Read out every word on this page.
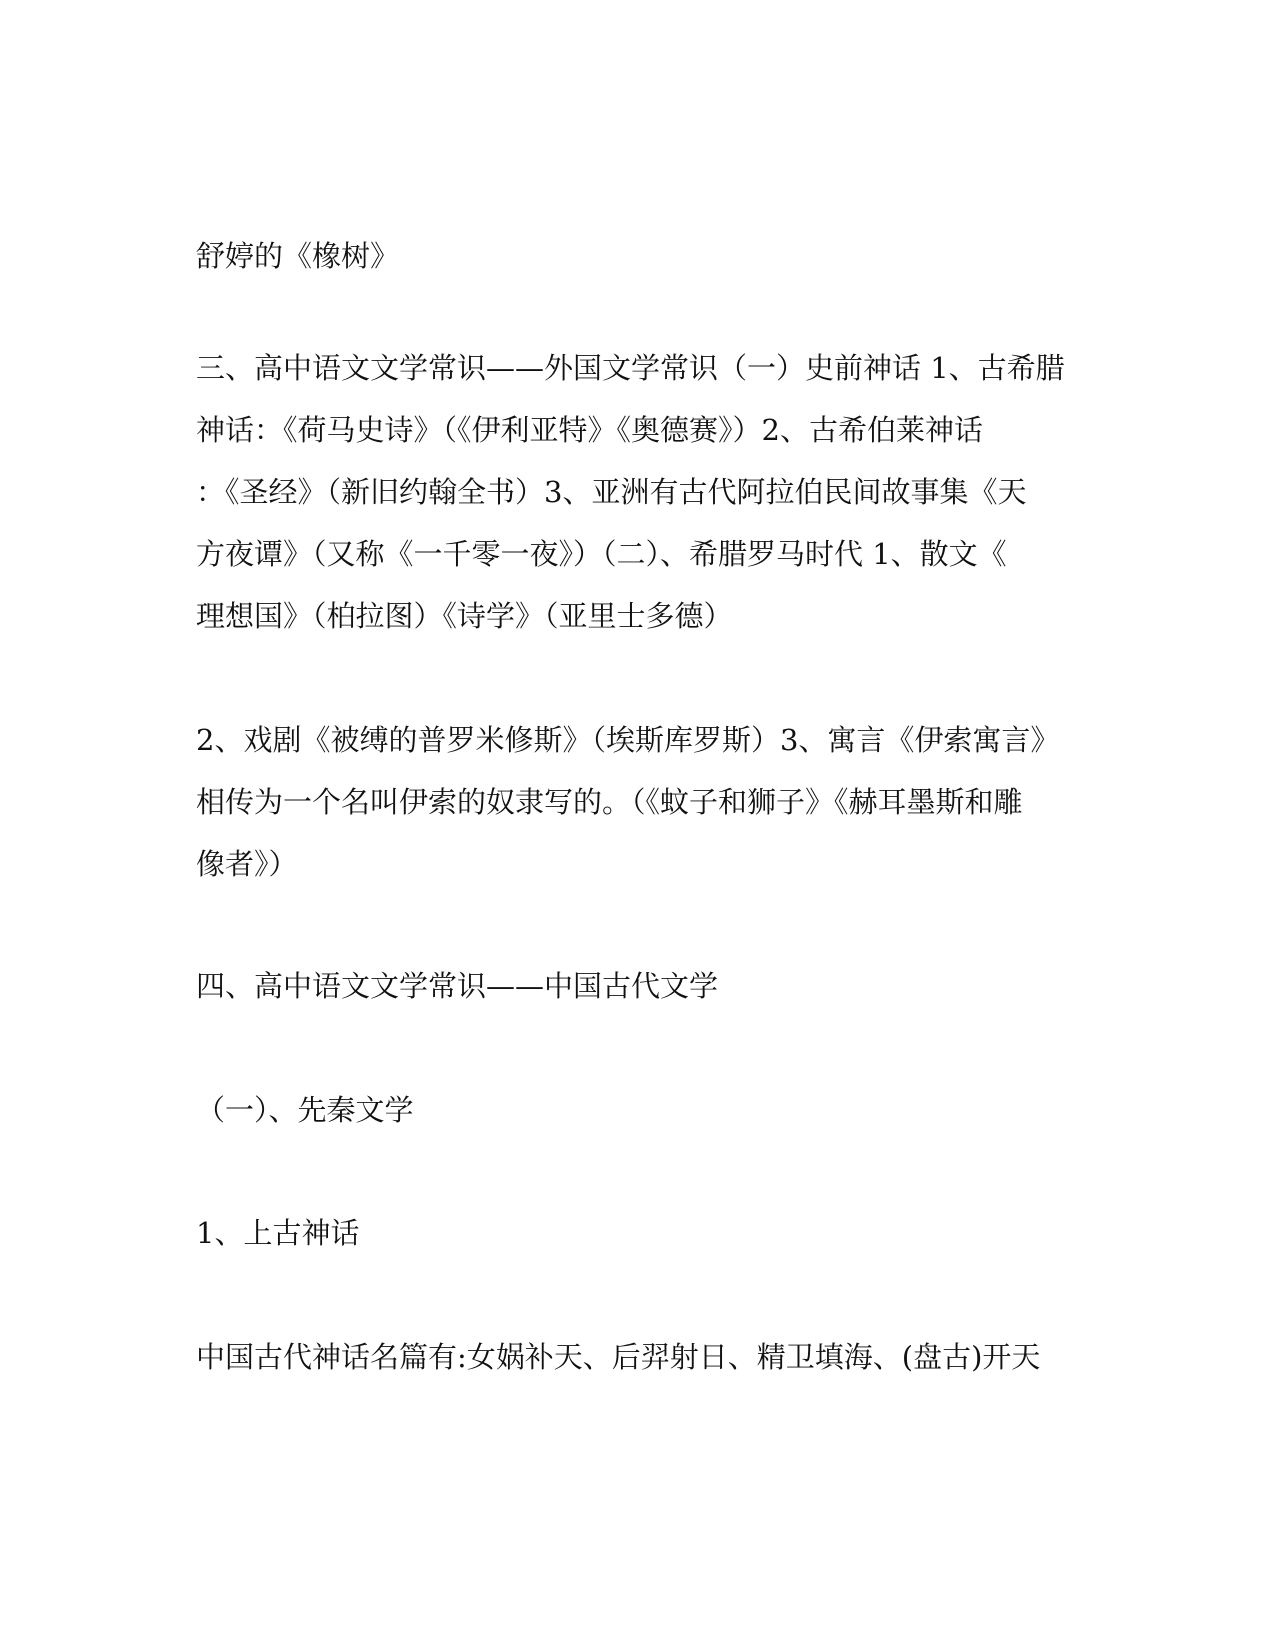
舒婷的《橡树》
三、高中语文文学常识——外国文学常识（一）史前神话 1、古希腊
神话：《荷马史诗》（《伊利亚特》《奥德赛》）2、古希伯莱神话
：《圣经》（新旧约翰全书）3、亚洲有古代阿拉伯民间故事集《天
方夜谭》（又称《一千零一夜》）（二）、希腊罗马时代 1、散文《
理想国》（柏拉图）《诗学》（亚里士多德）
2、戏剧《被缚的普罗米修斯》（埃斯库罗斯）3、寓言《伊索寓言》
相传为一个名叫伊索的奴隶写的。（《蚊子和狮子》《赫耳墨斯和雕
像者》）
四、高中语文文学常识——中国古代文学
（一）、先秦文学
1、上古神话
中国古代神话名篇有:女娲补天、后羿射日、精卫填海、(盘古)开天
